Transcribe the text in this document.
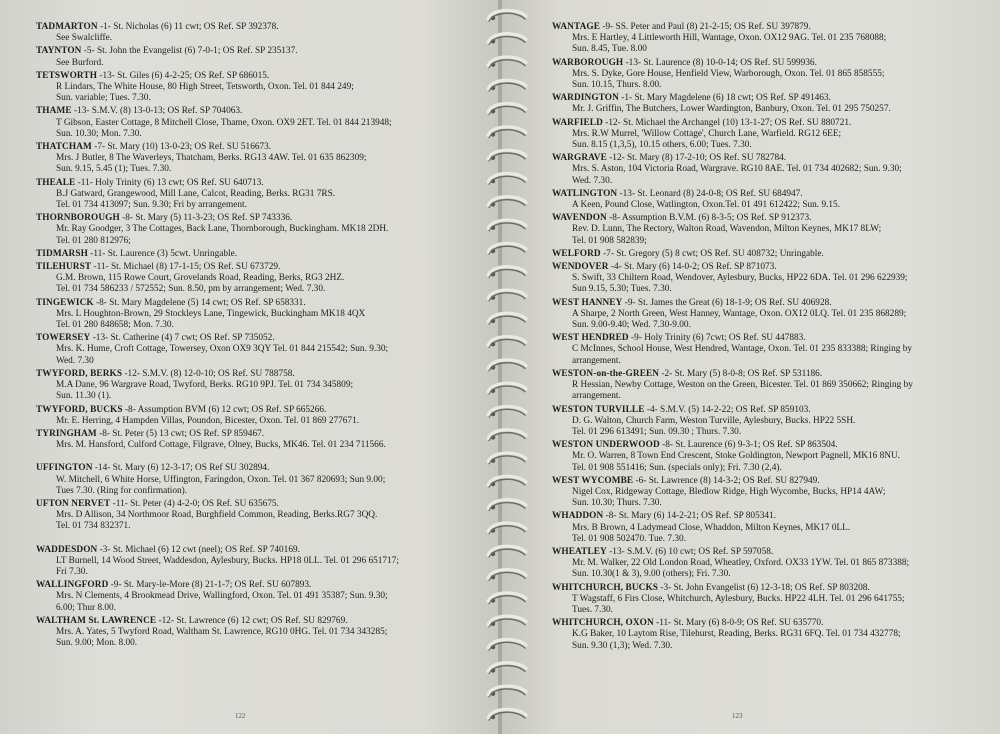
TADMARTON -1- St. Nicholas (6) 11 cwt; OS Ref. SP 392378.
See Swalcliffe.
TAYNTON -5- St. John the Evangelist (6) 7-0-1; OS Ref. SP 235137.
See Burford.
TETSWORTH -13- St. Giles (6) 4-2-25; OS Ref. SP 686015.
R Lindars, The White House, 80 High Street, Tetsworth, Oxon. Tel. 01 844 249;
Sun. variable; Tues. 7.30.
THAME -13- S.M.V. (8) 13-0-13; OS Ref. SP 704063.
T Gibson, Easter Cottage, 8 Mitchell Close, Thame, Oxon. OX9 2ET. Tel. 01 844 213948;
Sun. 10.30; Mon. 7.30.
THATCHAM -7- St. Mary (10) 13-0-23; OS Ref. SU 516673.
Mrs. J Butler, 8 The Waverleys, Thatcham, Berks. RG13 4AW. Tel. 01 635 862309;
Sun. 9.15, 5.45 (1); Tues. 7.30.
THEALE -11- Holy Trinity (6) 13 cwt; OS Ref. SU 640713.
B.J Gatward, Grangewood, Mill Lane, Calcot, Reading, Berks. RG31 7RS.
Tel. 01 734 413097; Sun. 9.30; Fri by arrangement.
THORNBOROUGH -8- St. Mary (5) 11-3-23; OS Ref. SP 743336.
Mr. Ray Goodger, 3 The Cottages, Back Lane, Thornborough, Buckingham. MK18 2DH.
Tel. 01 280 812976;
TIDMARSH -11- St. Laurence (3) 5cwt. Unringable.
TILEHURST -11- St. Michael (8) 17-1-15; OS Ref. SU 673729.
G.M. Brown, 115 Rowe Court, Grovelands Road, Reading, Berks, RG3 2HZ.
Tel. 01 734 586233 / 572552; Sun. 8.50, pm by arrangement; Wed. 7.30.
TINGEWICK -8- St. Mary Magdelene (5) 14 cwt; OS Ref. SP 658331.
Mrs. L Houghton-Brown, 29 Stockleys Lane, Tingewick, Buckingham MK18 4QX
Tel. 01 280 848658; Mon. 7.30.
TOWERSEY -13- St. Catherine (4) 7 cwt; OS Ref. SP 735052.
Mrs. K. Hume, Croft Cottage, Towersey, Oxon OX9 3QY Tel. 01 844 215542; Sun. 9.30;
Wed. 7.30
TWYFORD, BERKS -12- S.M.V. (8) 12-0-10; OS Ref. SU 788758.
M.A Dane, 96 Wargrave Road, Twyford, Berks. RG10 9PJ. Tel. 01 734 345809;
Sun. 11.30 (1).
TWYFORD, BUCKS -8- Assumption BVM (6) 12 cwt; OS Ref. SP 665266.
Mr. E. Herring, 4 Hampden Villas, Poundon, Bicester, Oxon. Tel. 01 869 277671.
TYRINGHAM -8- St. Peter (5) 13 cwt; OS Ref. SP 859467.
Mrs. M. Hansford, Culford Cottage, Filgrave, Olney, Bucks, MK46. Tel. 01 234 711566.
UFFINGTON -14- St. Mary (6) 12-3-17; OS Ref SU 302894.
W. Mitchell, 6 White Horse, Uffington, Faringdon, Oxon. Tel. 01 367 820693; Sun 9.00;
Tues 7.30. (Ring for confirmation).
UFTON NERVET -11- St. Peter (4) 4-2-0; OS Ref. SU 635675.
Mrs. D Allison, 34 Northmoor Road, Burghfield Common, Reading, Berks.RG7 3QQ.
Tel. 01 734 832371.
WADDESDON -3- St. Michael (6) 12 cwt (neel); OS Ref. SP 740169.
LT Burnell, 14 Wood Street, Waddesdon, Aylesbury, Bucks. HP18 0LL. Tel. 01 296 651717;
Fri 7.30.
WALLINGFORD -9- St. Mary-le-More (8) 21-1-7; OS Ref. SU 607893.
Mrs. N Clements, 4 Brookmead Drive, Wallingford, Oxon. Tel. 01 491 35387; Sun. 9.30;
6.00; Thur 8.00.
WALTHAM St. LAWRENCE -12- St. Lawrence (6) 12 cwt; OS Ref. SU 829769.
Mrs. A. Yates, 5 Twyford Road, Waltham St. Lawrence, RG10 0HG. Tel. 01 734 343285;
Sun. 9.00; Mon. 8.00.
122
WANTAGE -9- SS. Peter and Paul (8) 21-2-15; OS Ref. SU 397879.
Mrs. E Hartley, 4 Littleworth Hill, Wantage, Oxon. OX12 9AG. Tel. 01 235 768088;
Sun. 8.45, Tue. 8.00
WARBOROUGH -13- St. Laurence (8) 10-0-14; OS Ref. SU 599936.
Mrs. S. Dyke, Gore House, Henfield View, Warborough, Oxon. Tel. 01 865 858555;
Sun. 10.15, Thurs. 8.00.
WARDINGTON -1- St. Mary Magdelene (6) 18 cwt; OS Ref. SP 491463.
Mr. J. Griffin, The Butchers, Lower Wardington, Banbury, Oxon. Tel. 01 295 750257.
WARFIELD -12- St. Michael the Archangel (10) 13-1-27; OS Ref. SU 880721.
Mrs. R.W Murrel, 'Willow Cottage', Church Lane, Warfield. RG12 6EE;
Sun. 8.15 (1,3,5), 10.15 others, 6.00; Tues. 7.30.
WARGRAVE -12- St. Mary (8) 17-2-10; OS Ref. SU 782784.
Mrs. S. Aston, 104 Victoria Road, Wargrave. RG10 8AE. Tel. 01 734 402682; Sun. 9.30;
Wed. 7.30.
WATLINGTON -13- St. Leonard (8) 24-0-8; OS Ref. SU 684947.
A Keen, Pound Close, Watlington, Oxon.Tel. 01 491 612422; Sun. 9.15.
WAVENDON -8- Assumption B.V.M. (6) 8-3-5; OS Ref. SP 912373.
Rev. D. Lunn, The Rectory, Walton Road, Wavendon, Milton Keynes, MK17 8LW;
Tel. 01 908 582839;
WELFORD -7- St. Gregory (5) 8 cwt; OS Ref. SU 408732; Unringable.
WENDOVER -4- St. Mary (6) 14-0-2; OS Ref. SP 871073.
S. Swift, 33 Chiltern Road, Wendover, Aylesbury, Bucks, HP22 6DA. Tel. 01 296 622939;
Sun 9.15, 5.30; Tues. 7.30.
WEST HANNEY -9- St. James the Great (6) 18-1-9; OS Ref. SU 406928.
A Sharpe, 2 North Green, West Hanney, Wantage, Oxon. OX12 0LQ. Tel. 01 235 868289;
Sun. 9.00-9.40; Wed. 7.30-9.00.
WEST HENDRED -9- Holy Trinity (6) 7cwt; OS Ref. SU 447883.
C McInnes, School House, West Hendred, Wantage, Oxon. Tel. 01 235 833388; Ringing by
arrangement.
WESTON-on-the-GREEN -2- St. Mary (5) 8-0-8; OS Ref. SP 531186.
R Hessian, Newby Cottage, Weston on the Green, Bicester. Tel. 01 869 350662; Ringing by
arrangement.
WESTON TURVILLE -4- S.M.V. (5) 14-2-22; OS Ref. SP 859103.
D. G. Walton, Church Farm, Weston Turville, Aylesbury, Bucks. HP22 5SH.
Tel. 01 296 613491; Sun. 09.30 ; Thurs. 7.30.
WESTON UNDERWOOD -8- St. Laurence (6) 9-3-1; OS Ref. SP 863504.
Mr. O. Warren, 8 Town End Crescent, Stoke Goldington, Newport Pagnell, MK16 8NU.
Tel. 01 908 551416; Sun. (specials only); Fri. 7.30 (2,4).
WEST WYCOMBE -6- St. Lawrence (8) 14-3-2; OS Ref. SU 827949.
Nigel Cox, Ridgeway Cottage, Bledlow Ridge, High Wycombe, Bucks, HP14 4AW;
Sun. 10.30; Thurs. 7.30.
WHADDON -8- St. Mary (6) 14-2-21; OS Ref. SP 805341.
Mrs. B Brown, 4 Ladymead Close, Whaddon, Milton Keynes, MK17 0LL.
Tel. 01 908 502470. Tue. 7.30.
WHEATLEY -13- S.M.V. (6) 10 cwt; OS Ref. SP 597058.
Mr. M. Walker, 22 Old London Road, Wheatley, Oxford. OX33 1YW. Tel. 01 865 873388;
Sun. 10.30(1 & 3), 9.00 (others); Fri. 7.30.
WHITCHURCH, BUCKS -3- St. John Evangelist (6) 12-3-18; OS Ref. SP 803208.
T Wagstaff, 6 Firs Close, Whitchurch, Aylesbury, Bucks. HP22 4LH. Tel. 01 296 641755;
Tues. 7.30.
WHITCHURCH, OXON -11- St. Mary (6) 8-0-9; OS Ref. SU 635770.
K.G Baker, 10 Laytom Rise, Tilehurst, Reading, Berks. RG31 6FQ. Tel. 01 734 432778;
Sun. 9.30 (1,3); Wed. 7.30.
123
